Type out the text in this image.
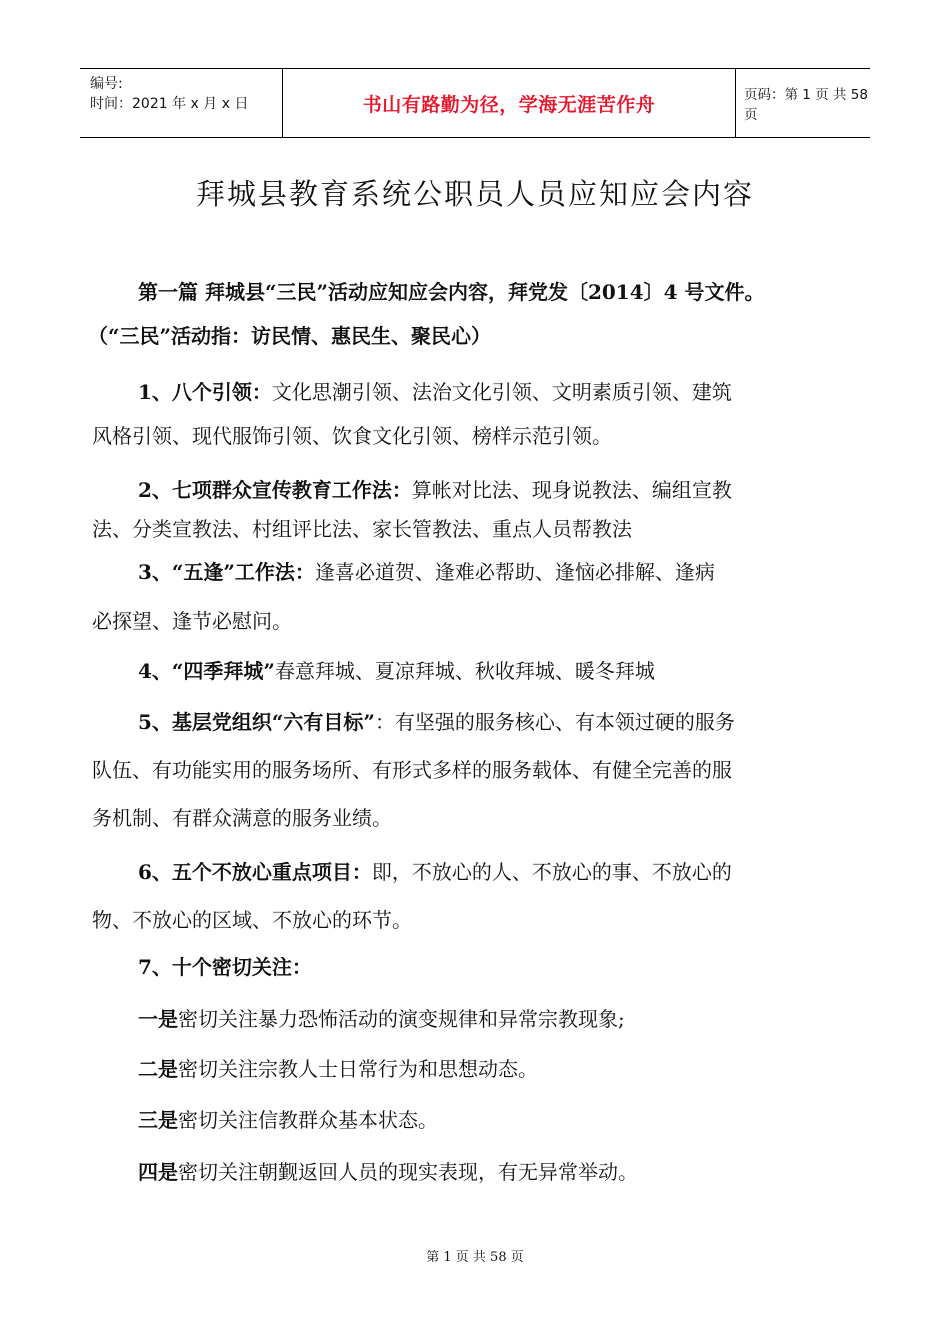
编号:
时间：2021 年 x 月 x 日	书山有路勤为径，学海无涯苦作舟	页码：第 1 页 共 58 页
拜城县教育系统公职员人员应知应会内容
第一篇 拜城县“三民”活动应知应会内容，拜党发〔2014〕4 号文件。
（“三民”活动指：访民情、惠民生、聚民心）
1、八个引领：文化思潮引领、法治文化引领、文明素质引领、建筑
风格引领、现代服饰引领、饮食文化引领、榜样示范引领。
2、七项群众宣传教育工作法：算帐对比法、现身说教法、编组宣教
法、分类宣教法、村组评比法、家长管教法、重点人员帮教法
3、“五逢”工作法：逢喜必道贺、逢难必帮助、逢恼必排解、逢病
必探望、逢节必慰问。
4、“四季拜城”春意拜城、夏凉拜城、秋收拜城、暖冬拜城
5、基层党组织“六有目标”：有坚强的服务核心、有本领过硬的服务
队伍、有功能实用的服务场所、有形式多样的服务载体、有健全完善的服
务机制、有群众满意的服务业绩。
6、五个不放心重点项目：即，不放心的人、不放心的事、不放心的
物、不放心的区域、不放心的环节。
7、十个密切关注：
一是密切关注暴力恐怖活动的演变规律和异常宗教现象;
二是密切关注宗教人士日常行为和思想动态。
三是密切关注信教群众基本状态。
四是密切关注朝觐返回人员的现实表现，有无异常举动。
第 1 页 共 58 页
